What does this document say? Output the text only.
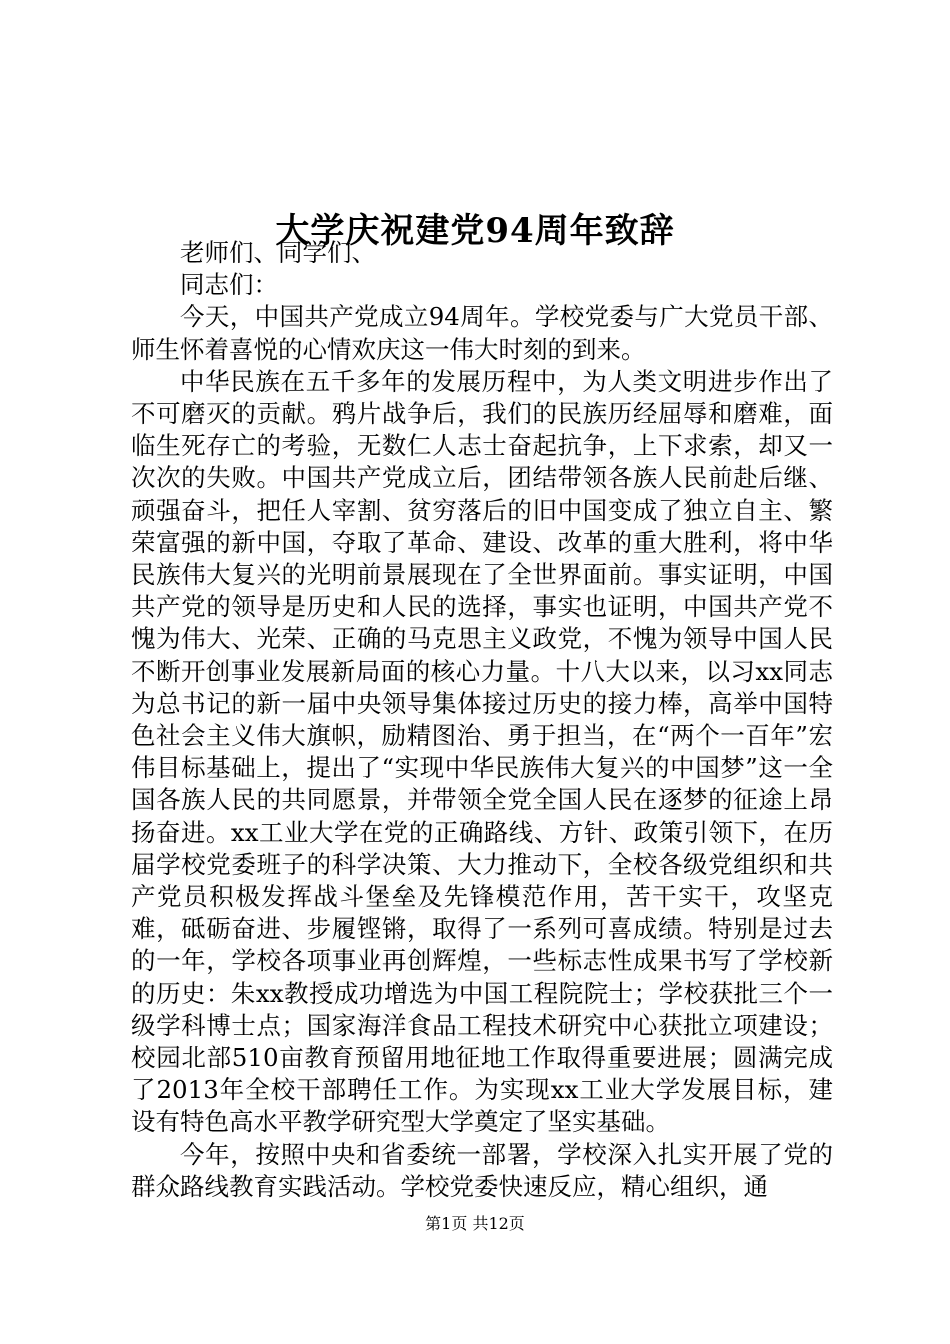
大学庆祝建党94周年致辞

老师们、同学们、

同志们：

今天，中国共产党成立94周年。学校党委与广大党员干部、师生怀着喜悦的心情欢庆这一伟大时刻的到来。

中华民族在五千多年的发展历程中，为人类文明进步作出了不可磨灭的贡献。鸦片战争后，我们的民族历经屈辱和磨难，面临生死存亡的考验，无数仁人志士奋起抗争，上下求索，却又一次次的失败。中国共产党成立后，团结带领各族人民前赴后继、顽强奋斗，把任人宰割、贫穷落后的旧中国变成了独立自主、繁荣富强的新中国，夺取了革命、建设、改革的重大胜利，将中华民族伟大复兴的光明前景展现在了全世界面前。事实证明，中国共产党的领导是历史和人民的选择，事实也证明，中国共产党不愧为伟大、光荣、正确的马克思主义政党，不愧为领导中国人民不断开创事业发展新局面的核心力量。十八大以来，以习xx同志为总书记的新一届中央领导集体接过历史的接力棒，高举中国特色社会主义伟大旗帜，励精图治、勇于担当，在“两个一百年”宏伟目标基础上，提出了“实现中华民族伟大复兴的中国梦”这一全国各族人民的共同愿景，并带领全党全国人民在逐梦的征途上昂扬奋进。xx工业大学在党的正确路线、方针、政策引领下，在历届学校党委班子的科学决策、大力推动下，全校各级党组织和共产党员积极发挥战斗堡垒及先锋模范作用，苦干实干，攻坚克难，砥砺奋进、步履铿锵，取得了一系列可喜成绩。特别是过去的一年，学校各项事业再创辉煌，一些标志性成果书写了学校新的历史：朱xx教授成功增选为中国工程院院士；学校获批三个一级学科博士点；国家海洋食品工程技术研究中心获批立项建设；校园北部510亩教育预留用地征地工作取得重要进展；圆满完成了2013年全校干部聘任工作。为实现xx工业大学发展目标，建设有特色高水平教学研究型大学奠定了坚实基础。

今年，按照中央和省委统一部署，学校深入扎实开展了党的群众路线教育实践活动。学校党委快速反应，精心组织，通

第1页 共12页
